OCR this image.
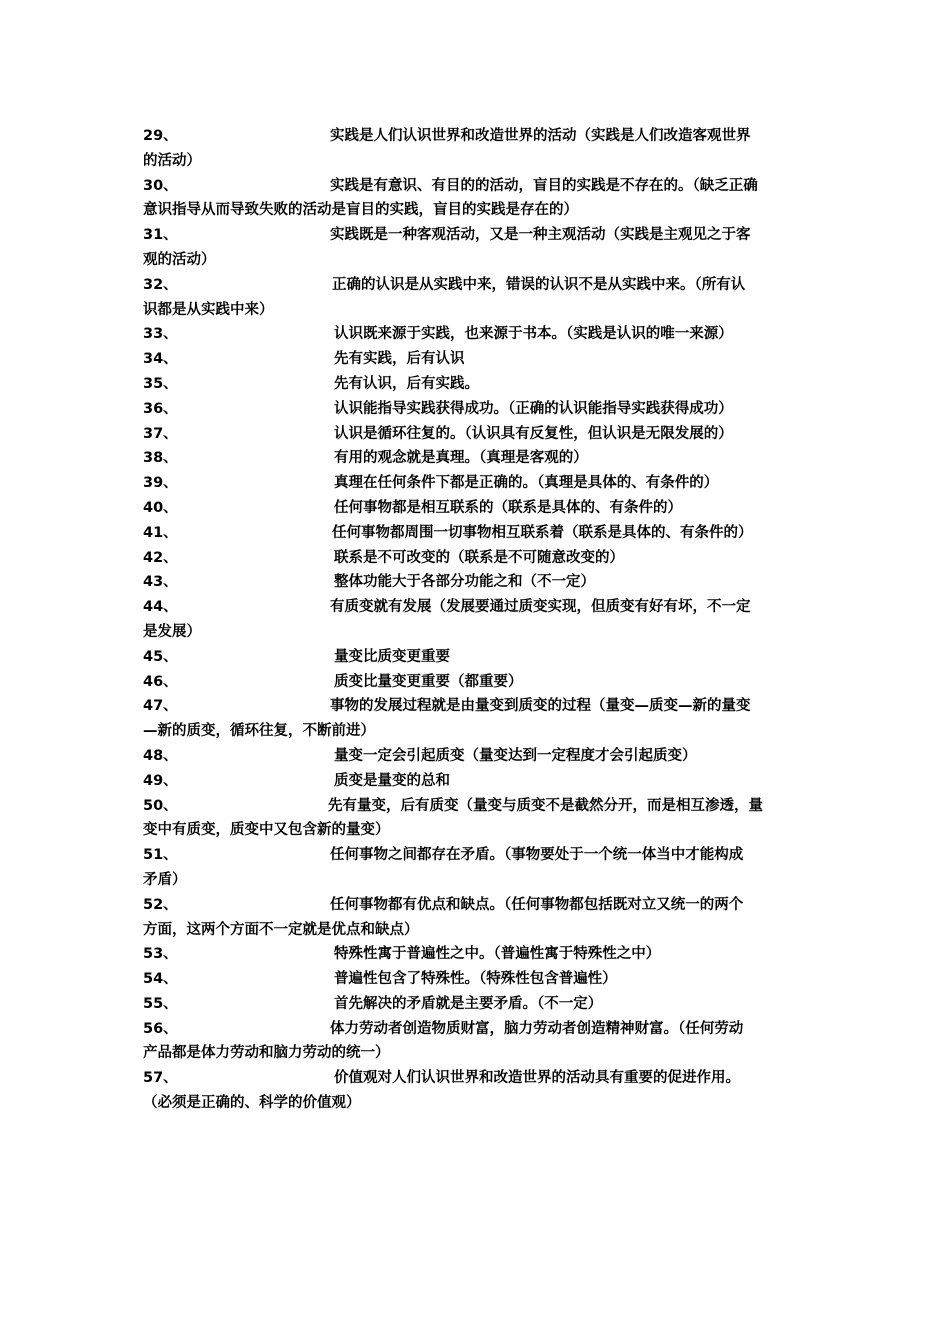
29、	实践是人们认识世界和改造世界的活动（实践是人们改造客观世界
的活动）
30、	实践是有意识、有目的的活动，盲目的实践是不存在的。（缺乏正确
意识指导从而导致失败的活动是盲目的实践，盲目的实践是存在的）
31、	实践既是一种客观活动，又是一种主观活动（实践是主观见之于客
观的活动）
32、	正确的认识是从实践中来，错误的认识不是从实践中来。（所有认
识都是从实践中来）
33、	认识既来源于实践，也来源于书本。（实践是认识的唯一来源）
34、	先有实践，后有认识
35、	先有认识，后有实践。
36、	认识能指导实践获得成功。（正确的认识能指导实践获得成功）
37、	认识是循环往复的。（认识具有反复性，但认识是无限发展的）
38、	有用的观念就是真理。（真理是客观的）
39、	真理在任何条件下都是正确的。（真理是具体的、有条件的）
40、	任何事物都是相互联系的（联系是具体的、有条件的）
41、	任何事物都周围一切事物相互联系着（联系是具体的、有条件的）
42、	联系是不可改变的（联系是不可随意改变的）
43、	整体功能大于各部分功能之和（不一定）
44、	有质变就有发展（发展要通过质变实现，但质变有好有坏，不一定
是发展）
45、	量变比质变更重要
46、	质变比量变更重要（都重要）
47、	事物的发展过程就是由量变到质变的过程（量变—质变—新的量变
—新的质变，循环往复，不断前进）
48、	量变一定会引起质变（量变达到一定程度才会引起质变）
49、	质变是量变的总和
50、	先有量变，后有质变（量变与质变不是截然分开，而是相互渗透，量
变中有质变，质变中又包含新的量变）
51、	任何事物之间都存在矛盾。（事物要处于一个统一体当中才能构成
矛盾）
52、	任何事物都有优点和缺点。（任何事物都包括既对立又统一的两个
方面，这两个方面不一定就是优点和缺点）
53、	特殊性寓于普遍性之中。（普遍性寓于特殊性之中）
54、	普遍性包含了特殊性。（特殊性包含普遍性）
55、	首先解决的矛盾就是主要矛盾。（不一定）
56、	体力劳动者创造物质财富，脑力劳动者创造精神财富。（任何劳动
产品都是体力劳动和脑力劳动的统一）
57、	价值观对人们认识世界和改造世界的活动具有重要的促进作用。
（必须是正确的、科学的价值观）
